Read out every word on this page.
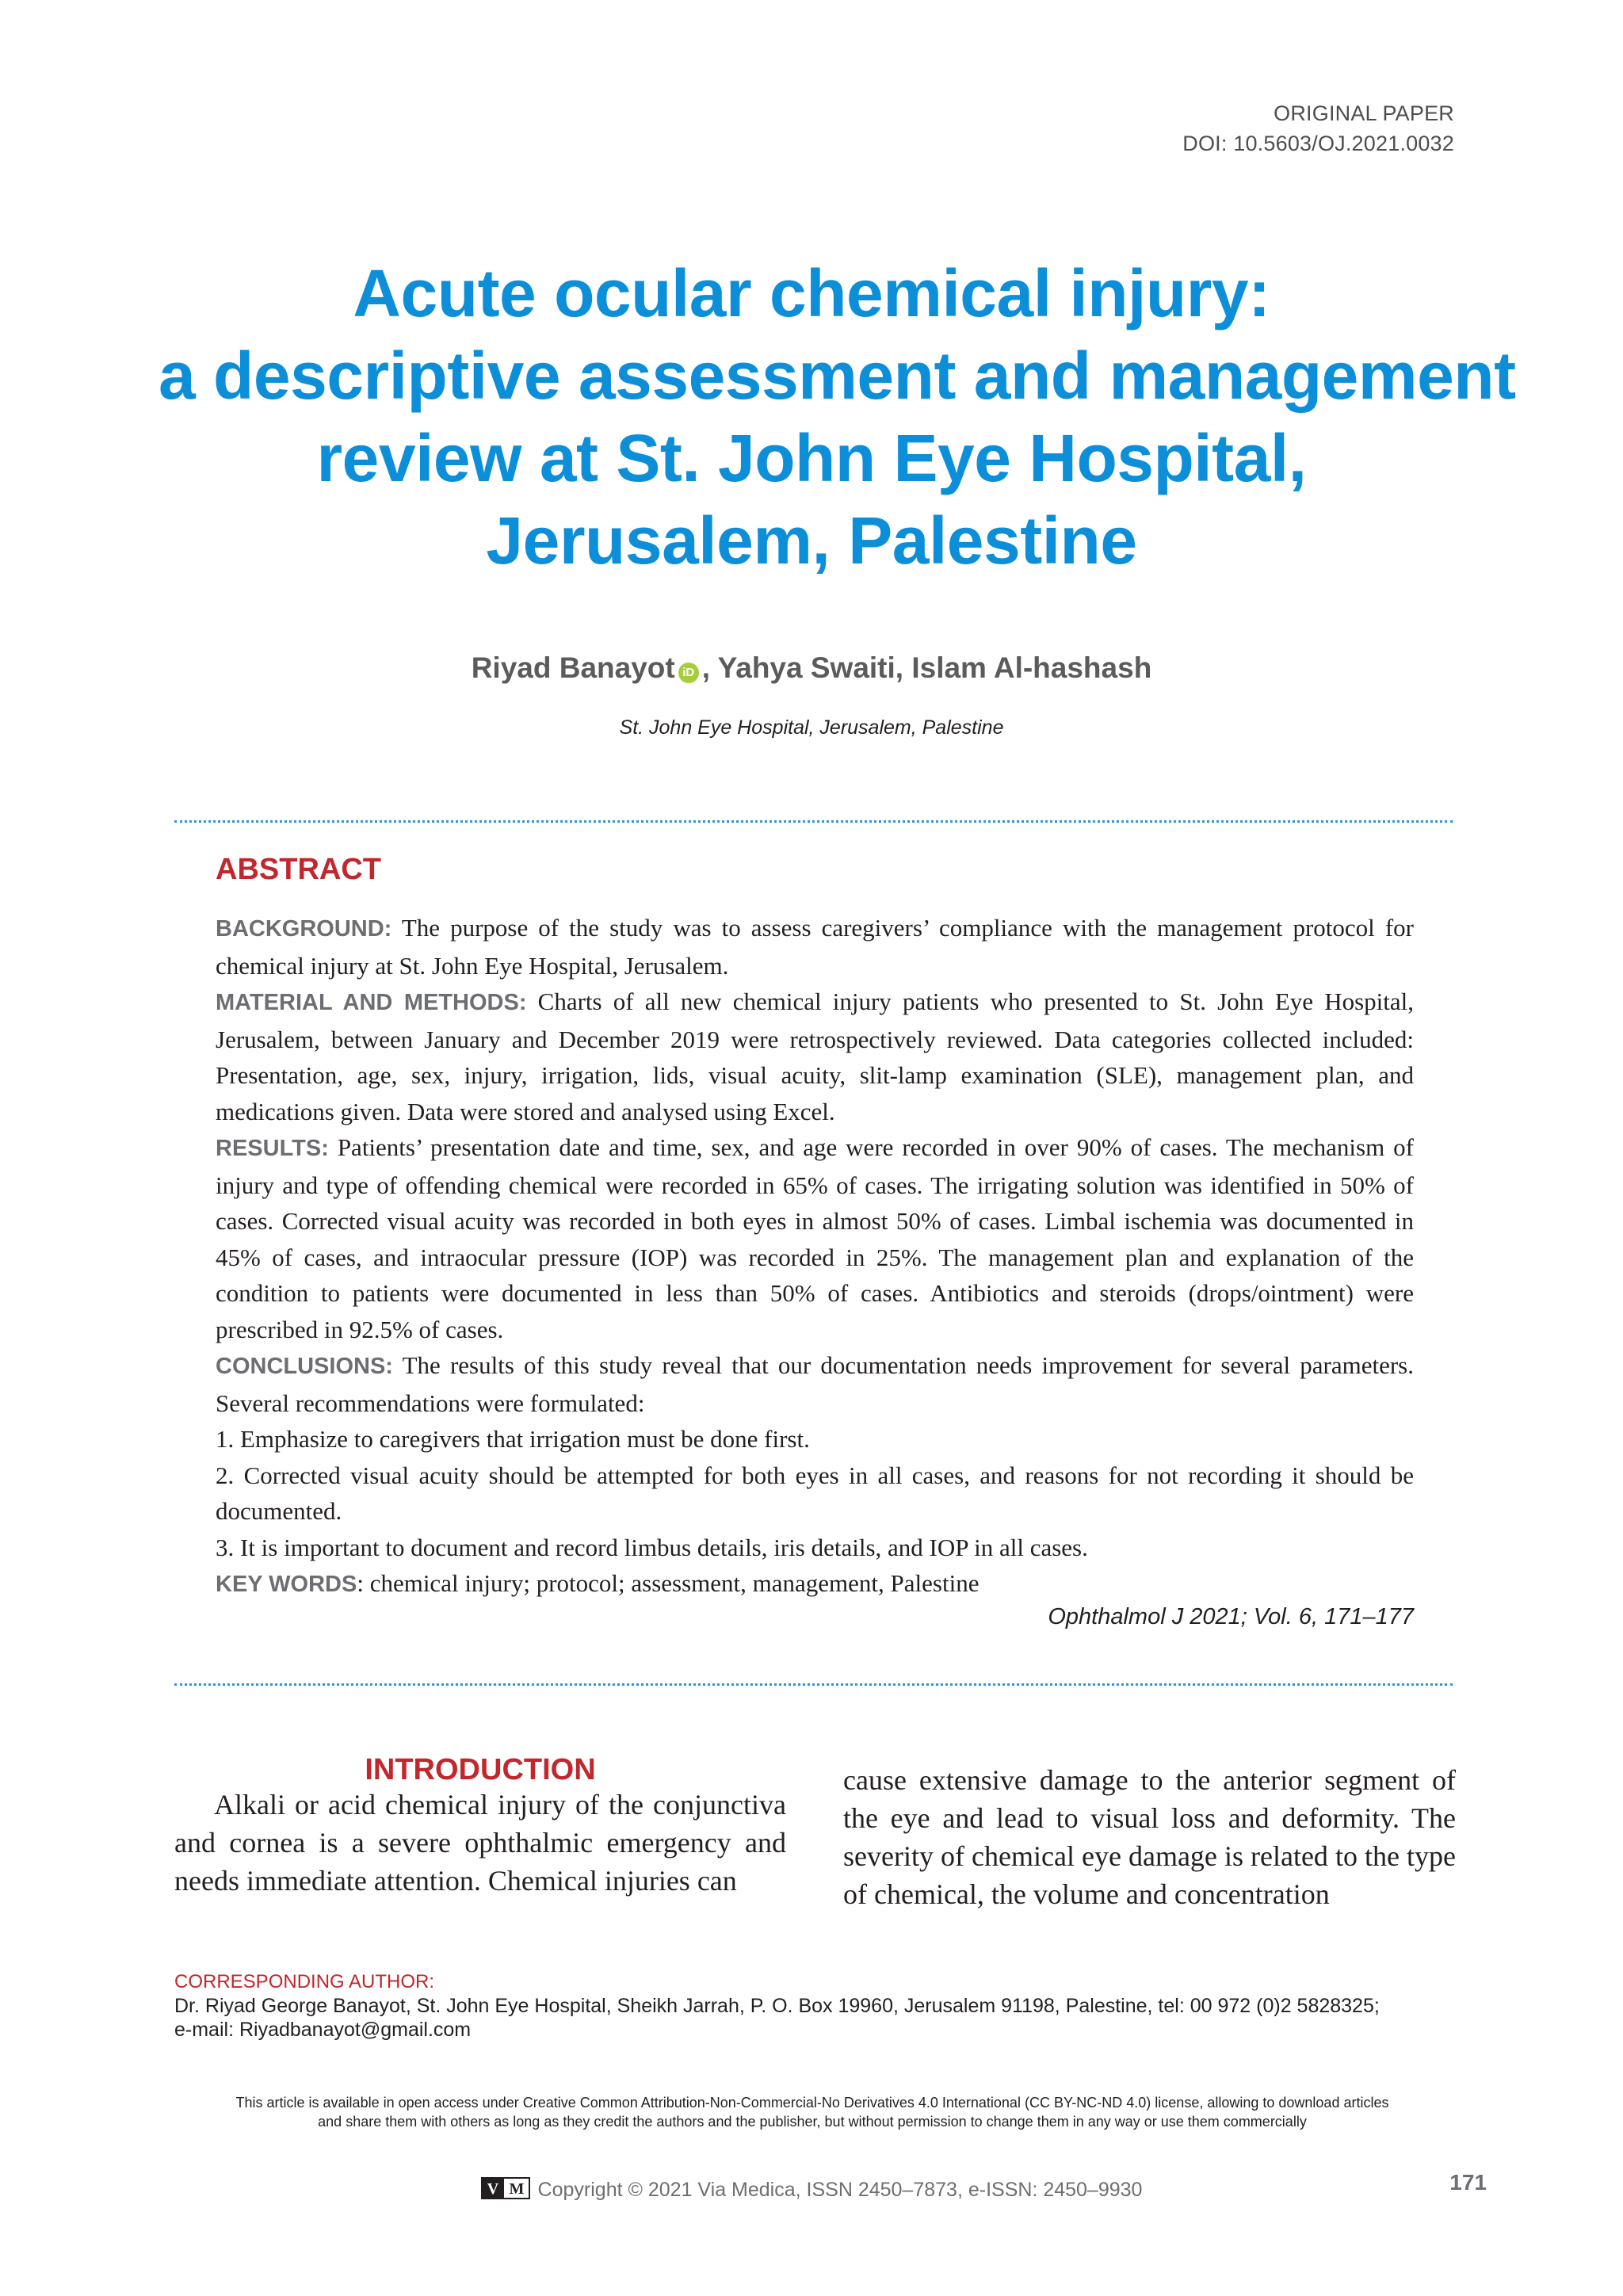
ORIGINAL PAPER
DOI: 10.5603/OJ.2021.0032
Acute ocular chemical injury:
a descriptive assessment and management
review at St. John Eye Hospital,
Jerusalem, Palestine
Riyad Banayot iD , Yahya Swaiti, Islam Al-hashash
St. John Eye Hospital, Jerusalem, Palestine
ABSTRACT

BACKGROUND: The purpose of the study was to assess caregivers’ compliance with the management protocol for chemical injury at St. John Eye Hospital, Jerusalem.

MATERIAL AND METHODS: Charts of all new chemical injury patients who presented to St. John Eye Hospital, Jerusalem, between January and December 2019 were retrospectively reviewed. Data categories collected included: Presentation, age, sex, injury, irrigation, lids, visual acuity, slit-lamp examination (SLE), management plan, and medications given. Data were stored and analysed using Excel.

RESULTS: Patients’ presentation date and time, sex, and age were recorded in over 90% of cases. The mechanism of injury and type of offending chemical were recorded in 65% of cases. The irrigating solution was identified in 50% of cases. Corrected visual acuity was recorded in both eyes in almost 50% of cases. Limbal ischemia was documented in 45% of cases, and intraocular pressure (IOP) was recorded in 25%. The management plan and explanation of the condition to patients were documented in less than 50% of cases. Antibiotics and steroids (drops/ointment) were prescribed in 92.5% of cases.

CONCLUSIONS: The results of this study reveal that our documentation needs improvement for several parameters. Several recommendations were formulated:

1. Emphasize to caregivers that irrigation must be done first.

2. Corrected visual acuity should be attempted for both eyes in all cases, and reasons for not recording it should be documented.

3. It is important to document and record limbus details, iris details, and IOP in all cases.

KEY WORDS: chemical injury; protocol; assessment, management, Palestine

Ophthalmol J 2021; Vol. 6, 171–177
INTRODUCTION
Alkali or acid chemical injury of the conjunctiva and cornea is a severe ophthalmic emergency and needs immediate attention. Chemical injuries can
cause extensive damage to the anterior segment of the eye and lead to visual loss and deformity. The severity of chemical eye damage is related to the type of chemical, the volume and concentration
CORRESPONDING AUTHOR:
Dr. Riyad George Banayot, St. John Eye Hospital, Sheikh Jarrah, P. O. Box 19960, Jerusalem 91198, Palestine, tel: 00 972 (0)2 5828325;
e-mail: Riyadbanayot@gmail.com
This article is available in open access under Creative Common Attribution-Non-Commercial-No Derivatives 4.0 International (CC BY-NC-ND 4.0) license, allowing to download articles
and share them with others as long as they credit the authors and the publisher, but without permission to change them in any way or use them commercially
V M Copyright © 2021 Via Medica, ISSN 2450–7873, e-ISSN: 2450–9930	171
